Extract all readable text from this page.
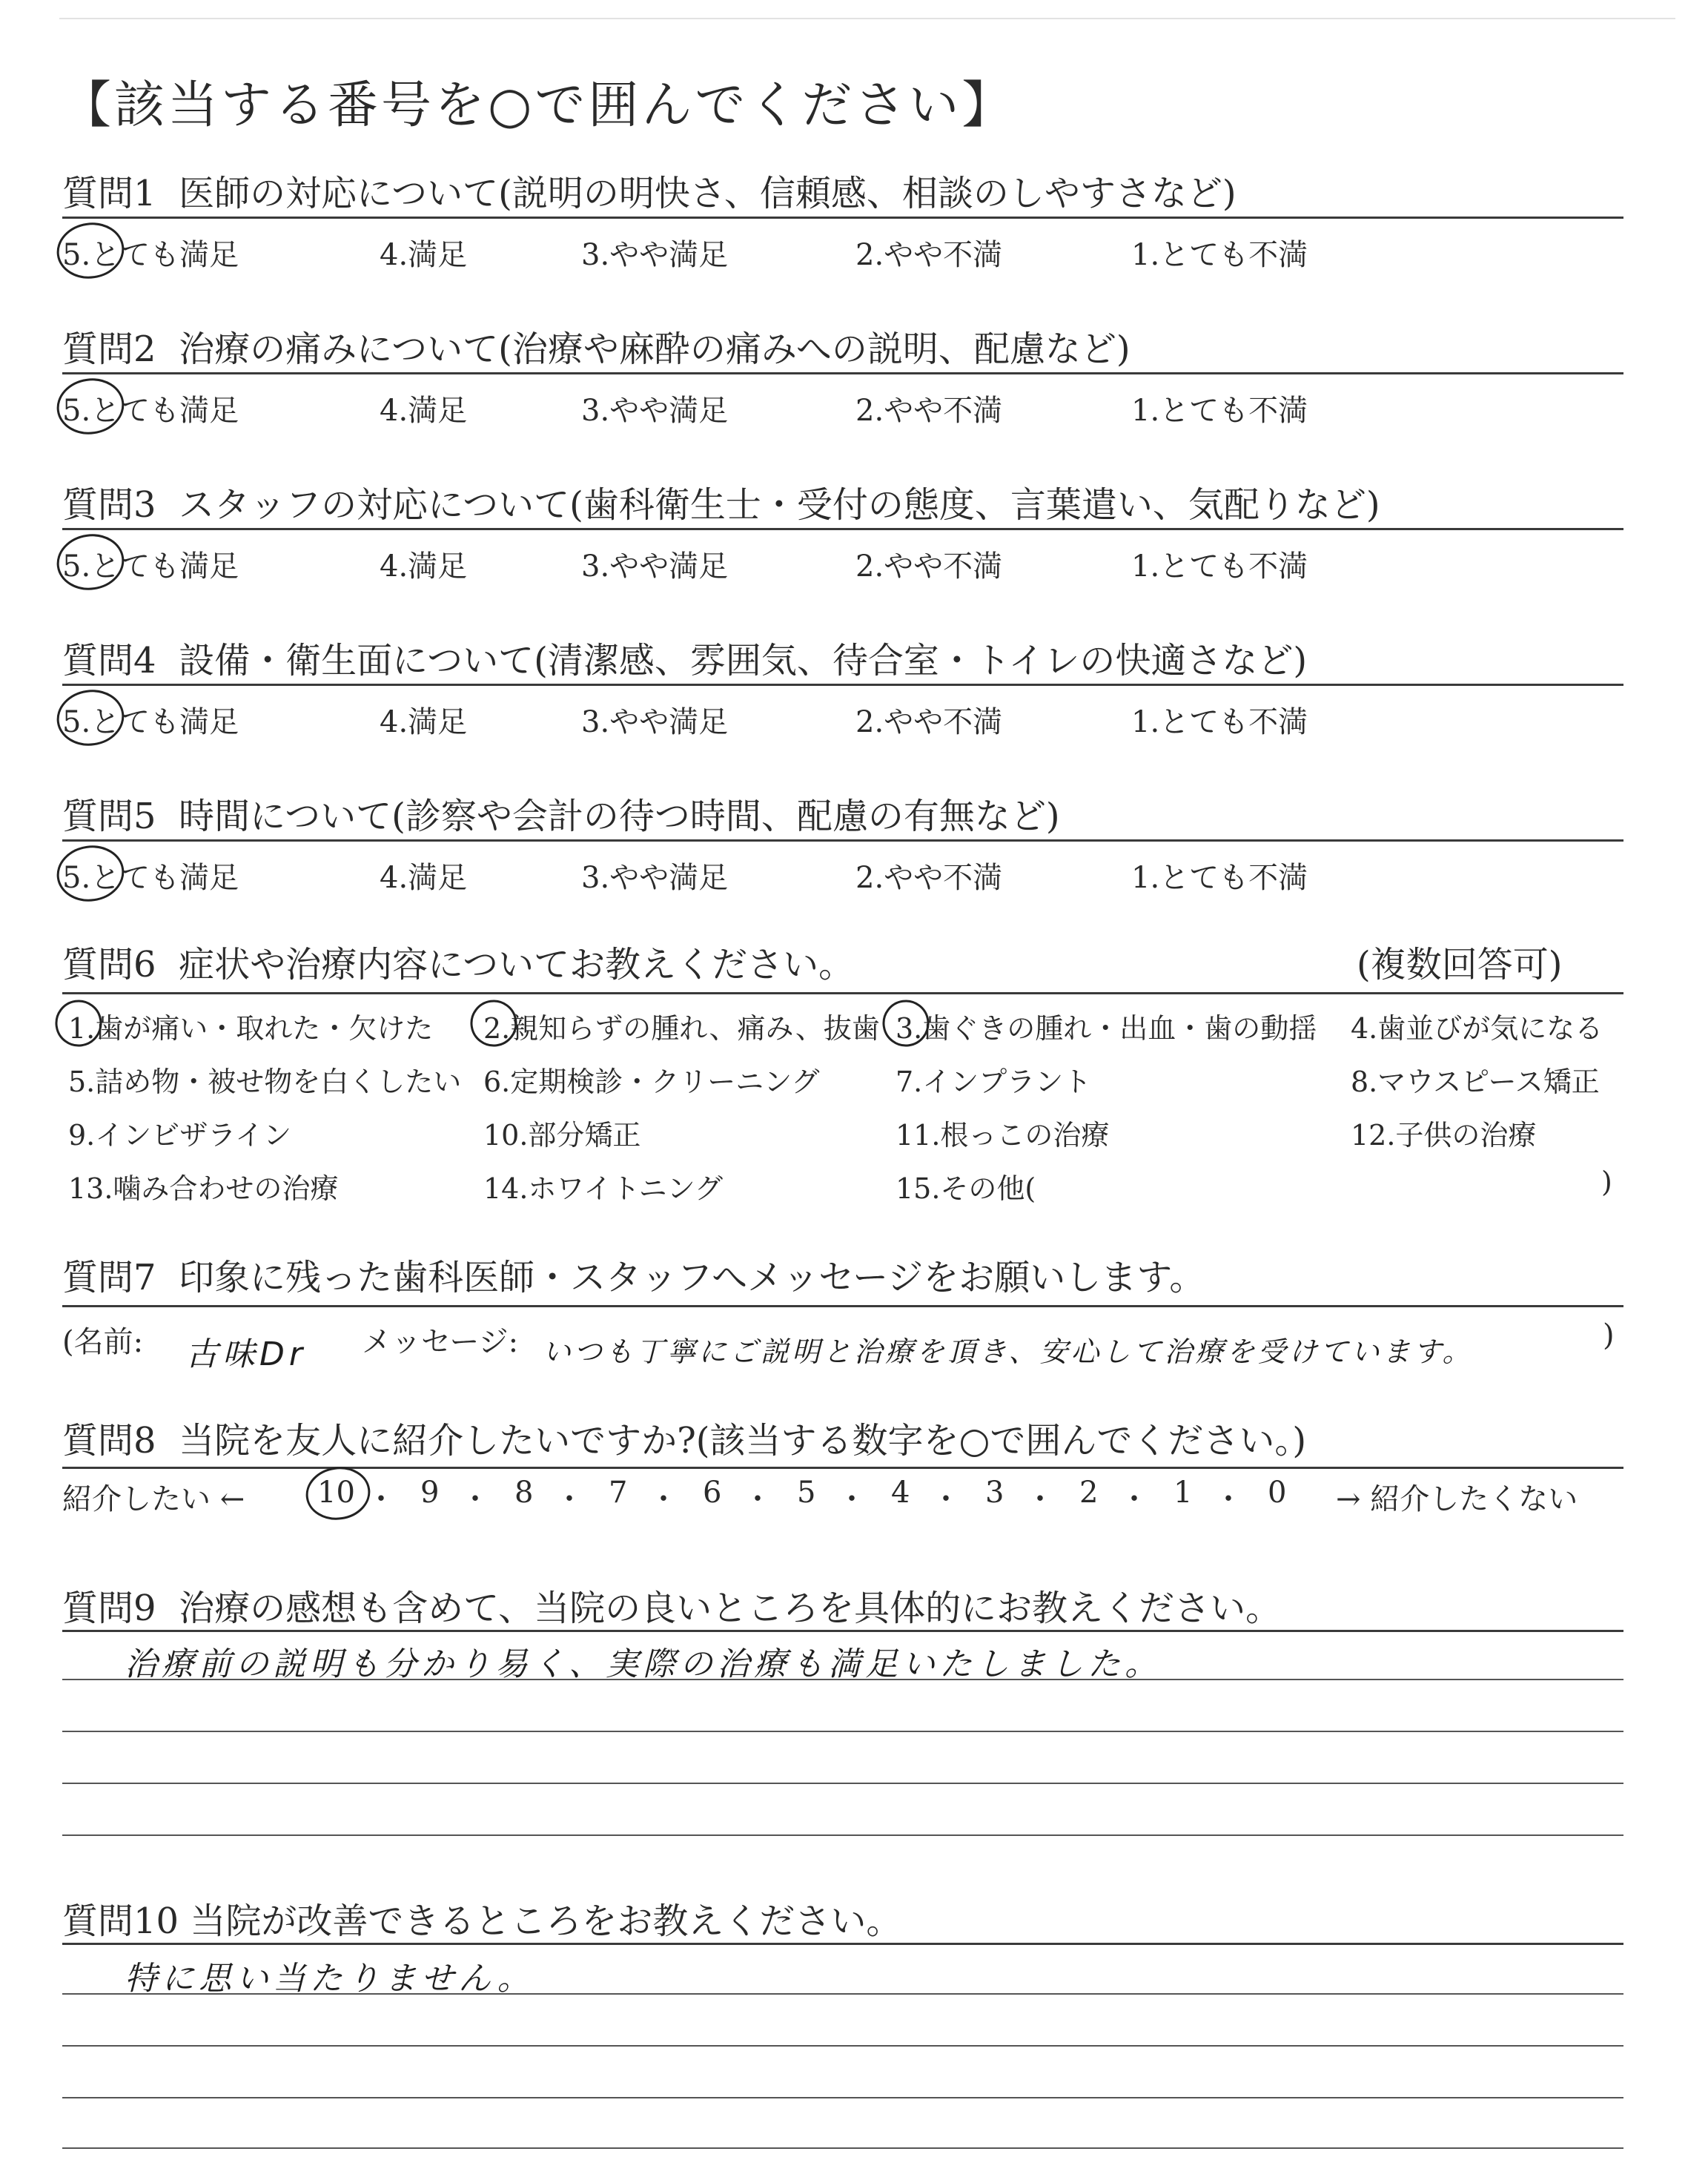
【該当する番号を○で囲んでください】
質問1 医師の対応について(説明の明快さ、信頼感、相談のしやすさなど)
5.とても満足	4.満足	3.やや満足	2.やや不満	1.とても不満
質問2 治療の痛みについて(治療や麻酔の痛みへの説明、配慮など)
5.とても満足	4.満足	3.やや満足	2.やや不満	1.とても不満
質問3 スタッフの対応について(歯科衛生士・受付の態度、言葉遣い、気配りなど)
5.とても満足	4.満足	3.やや満足	2.やや不満	1.とても不満
質問4 設備・衛生面について(清潔感、雰囲気、待合室・トイレの快適さなど)
5.とても満足	4.満足	3.やや満足	2.やや不満	1.とても不満
質問5 時間について(診察や会計の待つ時間、配慮の有無など)
5.とても満足	4.満足	3.やや満足	2.やや不満	1.とても不満
質問6 症状や治療内容についてお教えください。	(複数回答可)
1.歯が痛い・取れた・欠けた 2.親知らずの腫れ、痛み、抜歯 3.歯ぐきの腫れ・出血・歯の動揺 4.歯並びが気になる
5.詰め物・被せ物を白くしたい 6.定期検診・クリーニング	7.インプラント	8.マウスピース矯正
9.インビザライン	10.部分矯正	11.根っこの治療	12.子供の治療
13.噛み合わせの治療	14.ホワイトニング	15.その他(	)
質問7 印象に残った歯科医師・スタッフへメッセージをお願いします。
(名前: 古味Dr メッセージ: いつも丁寧にご説明と治療を頂き、安心して治療を受けています。	)
質問8 当院を友人に紹介したいですか?(該当する数字を○で囲んでください。)
紹介したい ←	→ 紹介したくない
10 ・ 9 ・ 8 ・ 7 ・ 6 ・ 5 ・ 4 ・ 3 ・ 2 ・ 1 ・ 0
質問9 治療の感想も含めて、当院の良いところを具体的にお教えください。
治療前の説明も分かり易く、実際の治療も満足いたしました。
質問10 当院が改善できるところをお教えください。
特に思い当たりません。
